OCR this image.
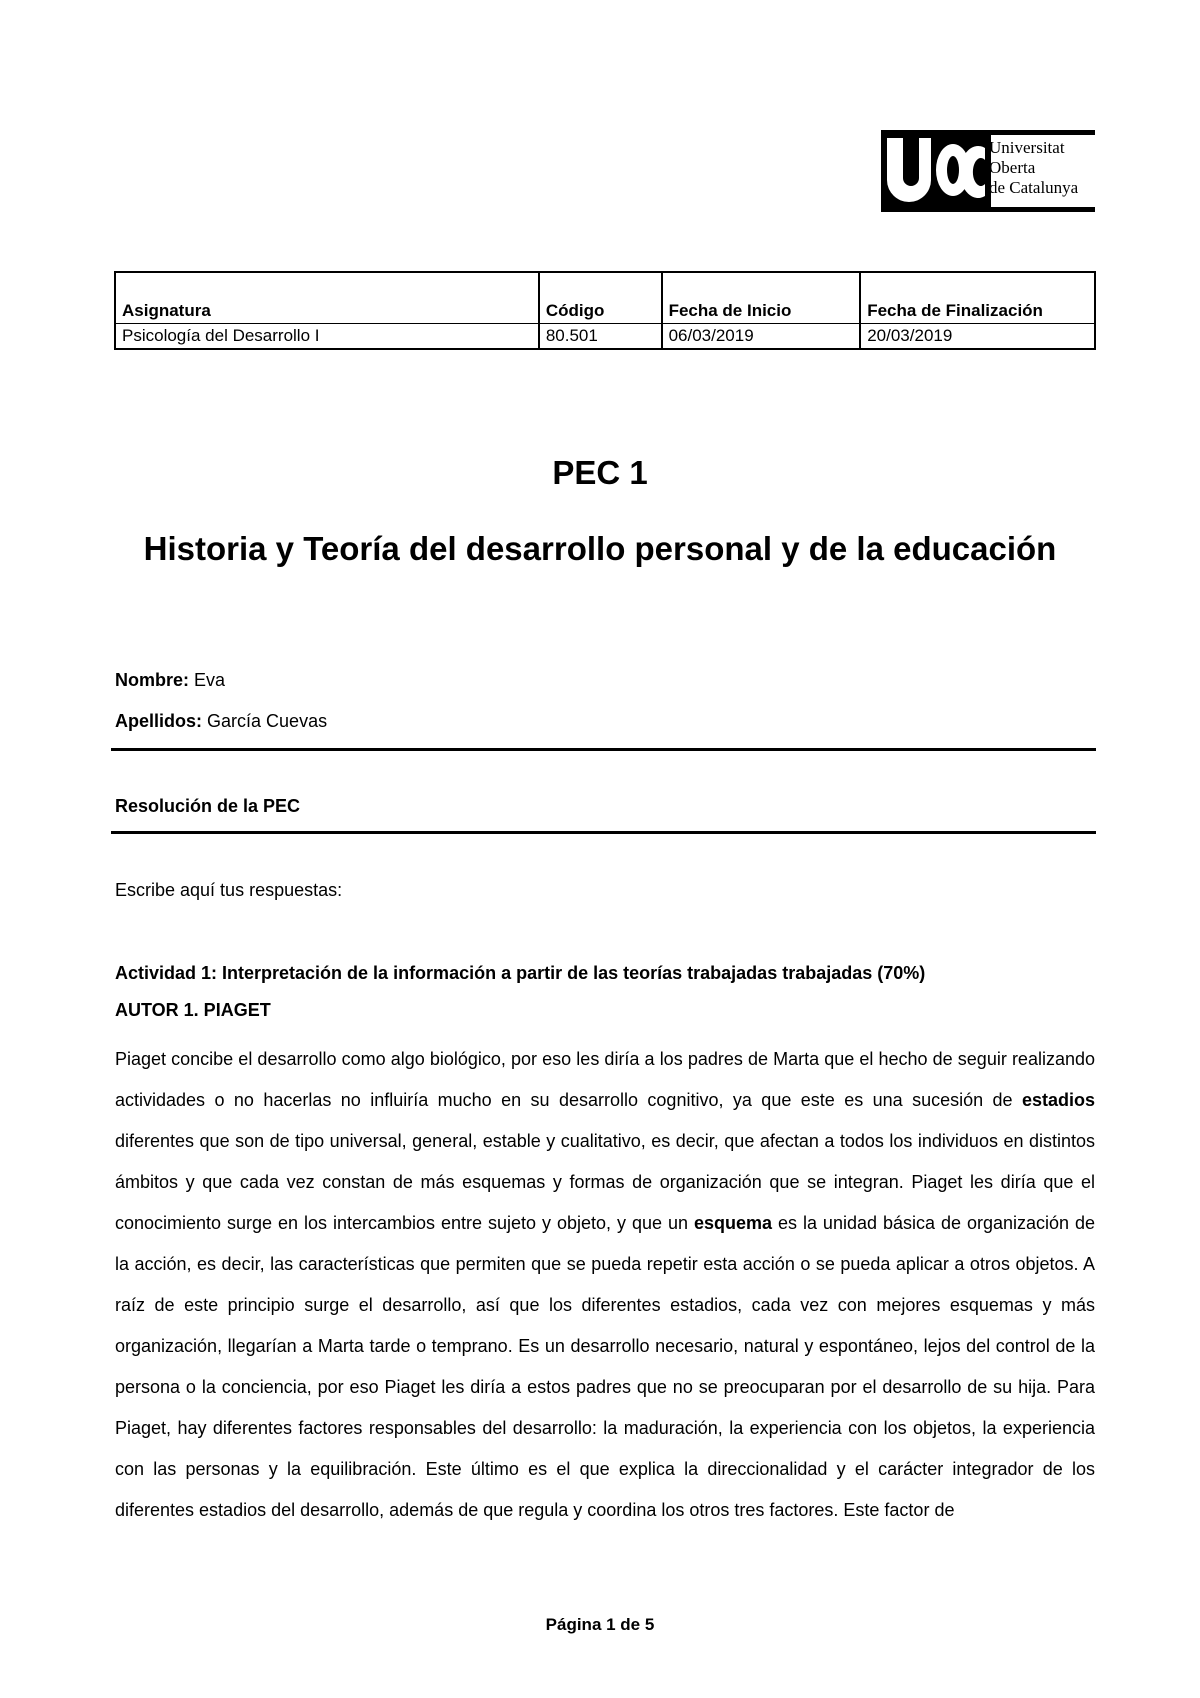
Universitat
Oberta
de Catalunya
Asignatura	Código	Fecha de Inicio	Fecha de Finalización
Psicología del Desarrollo I	80.501	06/03/2019	20/03/2019
PEC 1
Historia y Teoría del desarrollo personal y de la educación
Nombre: Eva
Apellidos: García Cuevas
Resolución de la PEC
Escribe aquí tus respuestas:
Actividad 1: Interpretación de la información a partir de las teorías trabajadas trabajadas (70%)
AUTOR 1. PIAGET
Piaget concibe el desarrollo como algo biológico, por eso les diría a los padres de Marta que el hecho de seguir realizando actividades o no hacerlas no influiría mucho en su desarrollo cognitivo, ya que este es una sucesión de estadios diferentes que son de tipo universal, general, estable y cualitativo, es decir, que afectan a todos los individuos en distintos ámbitos y que cada vez constan de más esquemas y formas de organización que se integran. Piaget les diría que el conocimiento surge en los intercambios entre sujeto y objeto, y que un esquema es la unidad básica de organización de la acción, es decir, las características que permiten que se pueda repetir esta acción o se pueda aplicar a otros objetos. A raíz de este principio surge el desarrollo, así que los diferentes estadios, cada vez con mejores esquemas y más organización, llegarían a Marta tarde o temprano. Es un desarrollo necesario, natural y espontáneo, lejos del control de la persona o la conciencia, por eso Piaget les diría a estos padres que no se preocuparan por el desarrollo de su hija. Para Piaget, hay diferentes factores responsables del desarrollo: la maduración, la experiencia con los objetos, la experiencia con las personas y la equilibración. Este último es el que explica la direccionalidad y el carácter integrador de los diferentes estadios del desarrollo, además de que regula y coordina los otros tres factores. Este factor de
Página 1 de 5
